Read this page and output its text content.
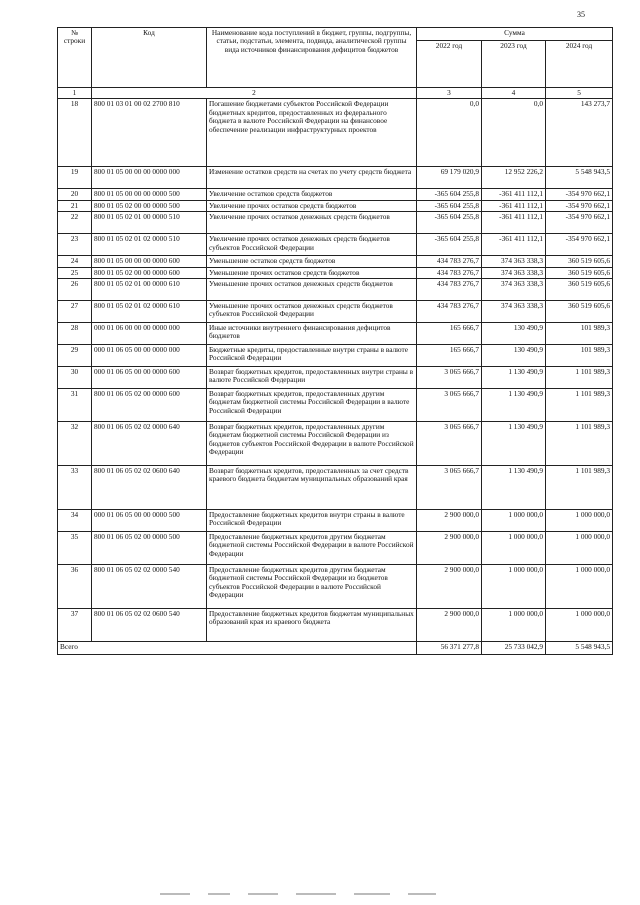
35
№ строки	Код	Наименование кода поступлений в бюджет, группы, подгруппы, статьи, подстатьи, элемента, подвида, аналитической группы вида источников финансирования дефицитов бюджетов	Сумма		
			2022 год	2023 год	2024 год
1	2		3	4	5
18	800 01 03 01 00 02 2700 810	Погашение бюджетами субъектов Российской Федерации бюджетных кредитов, предоставленных из федерального бюджета в валюте Российской Федерации на финансовое обеспечение реализации инфраструктурных проектов	0,0	0,0	143 273,7
19	800 01 05 00 00 00 0000 000	Изменение остатков средств на счетах по учету средств бюджета	69 179 020,9	12 952 226,2	5 548 943,5
20	800 01 05 00 00 00 0000 500	Увеличение остатков средств бюджетов	-365 604 255,8	-361 411 112,1	-354 970 662,1
21	800 01 05 02 00 00 0000 500	Увеличение прочих остатков средств бюджетов	-365 604 255,8	-361 411 112,1	-354 970 662,1
22	800 01 05 02 01 00 0000 510	Увеличение прочих остатков денежных средств бюджетов	-365 604 255,8	-361 411 112,1	-354 970 662,1
23	800 01 05 02 01 02 0000 510	Увеличение прочих остатков денежных средств бюджетов субъектов Российской Федерации	-365 604 255,8	-361 411 112,1	-354 970 662,1
24	800 01 05 00 00 00 0000 600	Уменьшение остатков средств бюджетов	434 783 276,7	374 363 338,3	360 519 605,6
25	800 01 05 02 00 00 0000 600	Уменьшение прочих остатков средств бюджетов	434 783 276,7	374 363 338,3	360 519 605,6
26	800 01 05 02 01 00 0000 610	Уменьшение прочих остатков денежных средств бюджетов	434 783 276,7	374 363 338,3	360 519 605,6
27	800 01 05 02 01 02 0000 610	Уменьшение прочих остатков денежных средств бюджетов субъектов Российской Федерации	434 783 276,7	374 363 338,3	360 519 605,6
28	000 01 06 00 00 00 0000 000	Иные источники внутреннего финансирования дефицитов бюджетов	165 666,7	130 490,9	101 989,3
29	000 01 06 05 00 00 0000 000	Бюджетные кредиты, предоставленные внутри страны в валюте Российской Федерации	165 666,7	130 490,9	101 989,3
30	000 01 06 05 00 00 0000 600	Возврат бюджетных кредитов, предоставленных внутри страны в валюте Российской Федерации	3 065 666,7	1 130 490,9	1 101 989,3
31	800 01 06 05 02 00 0000 600	Возврат бюджетных кредитов, предоставленных другим бюджетам бюджетной системы Российской Федерации в валюте Российской Федерации	3 065 666,7	1 130 490,9	1 101 989,3
32	800 01 06 05 02 02 0000 640	Возврат бюджетных кредитов, предоставленных другим бюджетам бюджетной системы Российской Федерации из бюджетов субъектов Российской Федерации в валюте Российской Федерации	3 065 666,7	1 130 490,9	1 101 989,3
33	800 01 06 05 02 02 0600 640	Возврат бюджетных кредитов, предоставленных за счет средств краевого бюджета бюджетам муниципальных образований края	3 065 666,7	1 130 490,9	1 101 989,3
34	000 01 06 05 00 00 0000 500	Предоставление бюджетных кредитов внутри страны в валюте Российской Федерации	2 900 000,0	1 000 000,0	1 000 000,0
35	800 01 06 05 02 00 0000 500	Предоставление бюджетных кредитов другим бюджетам бюджетной системы Российской Федерации в валюте Российской Федерации	2 900 000,0	1 000 000,0	1 000 000,0
36	800 01 06 05 02 02 0000 540	Предоставление бюджетных кредитов другим бюджетам бюджетной системы Российской Федерации из бюджетов субъектов Российской Федерации в валюте Российской Федерации	2 900 000,0	1 000 000,0	1 000 000,0
37	800 01 06 05 02 02 0600 540	Предоставление бюджетных кредитов бюджетам муниципальных образований края из краевого бюджета	2 900 000,0	1 000 000,0	1 000 000,0
Всего			56 371 277,8	25 733 042,9	5 548 943,5
